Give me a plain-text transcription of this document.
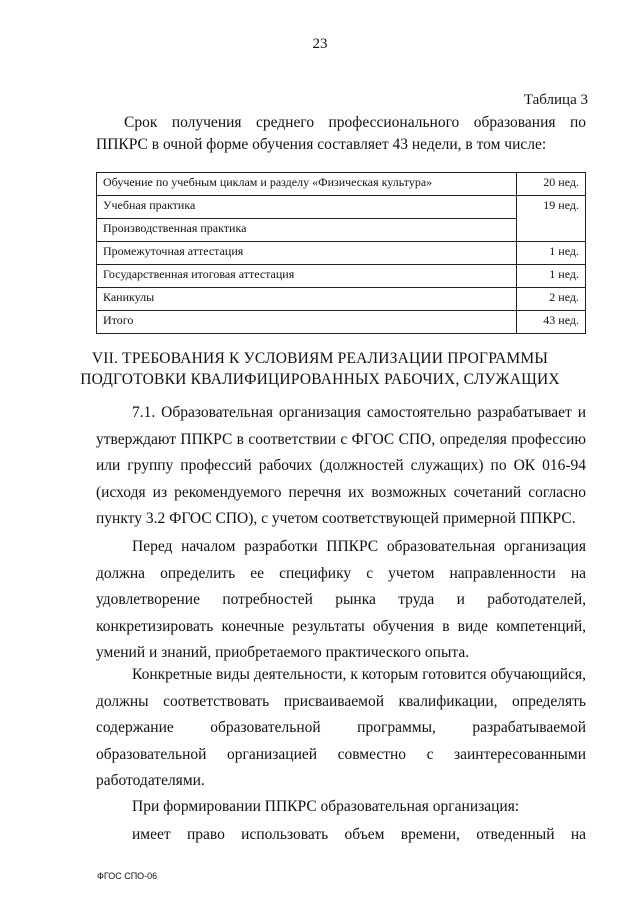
23
Таблица 3
Срок получения среднего профессионального образования по ППКРС в очной форме обучения составляет 43 недели, в том числе:
Обучение по учебным циклам и разделу «Физическая культура»	20 нед.
Учебная практика	19 нед.
Производственная практика	
Промежуточная аттестация	1 нед.
Государственная итоговая аттестация	1 нед.
Каникулы	2 нед.
Итого	43 нед.
VII. ТРЕБОВАНИЯ К УСЛОВИЯМ РЕАЛИЗАЦИИ ПРОГРАММЫ
ПОДГОТОВКИ КВАЛИФИЦИРОВАННЫХ РАБОЧИХ, СЛУЖАЩИХ
7.1. Образовательная организация самостоятельно разрабатывает и утверждают ППКРС в соответствии с ФГОС СПО, определяя профессию или группу профессий рабочих (должностей служащих) по ОК 016-94 (исходя из рекомендуемого перечня их возможных сочетаний согласно пункту 3.2 ФГОС СПО), с учетом соответствующей примерной ППКРС.
Перед началом разработки ППКРС образовательная организация должна определить ее специфику с учетом направленности на удовлетворение потребностей рынка труда и работодателей, конкретизировать конечные результаты обучения в виде компетенций, умений и знаний, приобретаемого практического опыта.
Конкретные виды деятельности, к которым готовится обучающийся, должны соответствовать присваиваемой квалификации, определять содержание образовательной программы, разрабатываемой образовательной организацией совместно с заинтересованными работодателями.
При формировании ППКРС образовательная организация:
имеет право использовать объем времени, отведенный на
ФГОС СПО-06
